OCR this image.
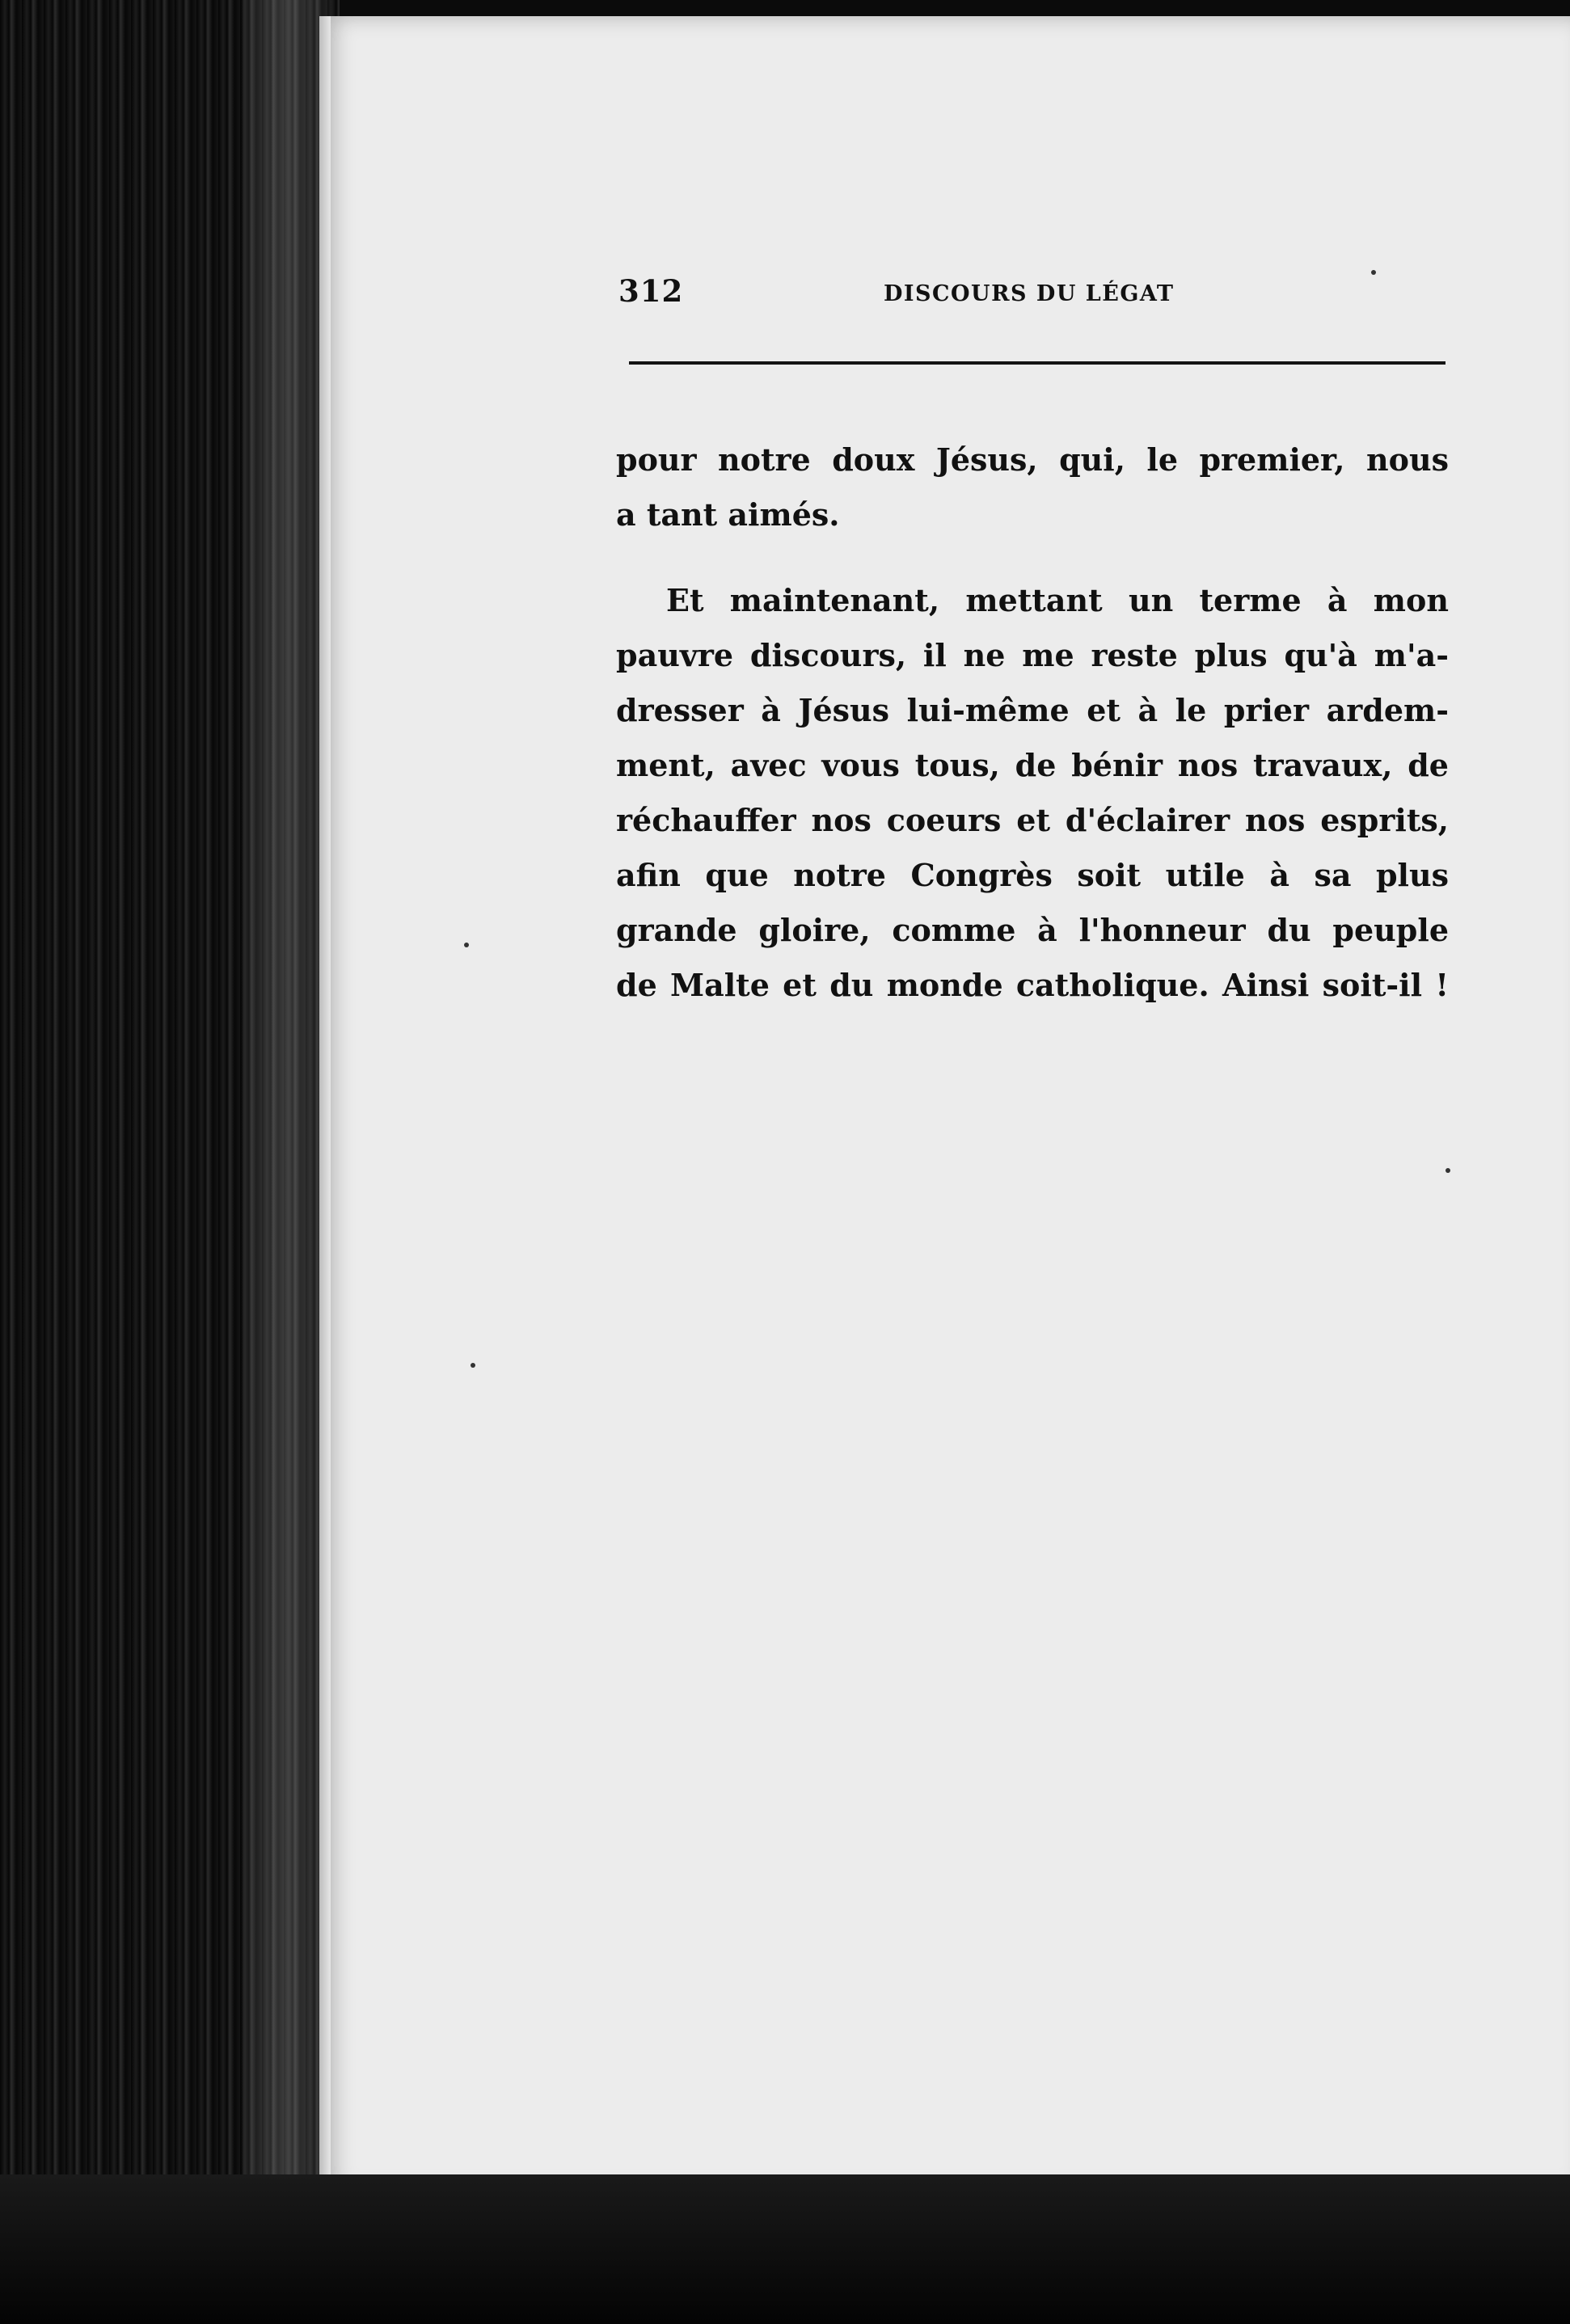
312	DISCOURS DU LÉGAT
pour notre doux Jésus, qui, le premier, nous
a tant aimés.
Et maintenant, mettant un terme à mon
pauvre discours, il ne me reste plus qu'à m'a-
dresser à Jésus lui-même et à le prier ardem-
ment, avec vous tous, de bénir nos travaux, de
réchauffer nos coeurs et d'éclairer nos esprits,
afin que notre Congrès soit utile à sa plus
grande gloire, comme à l'honneur du peuple
de Malte et du monde catholique. Ainsi soit-il !
